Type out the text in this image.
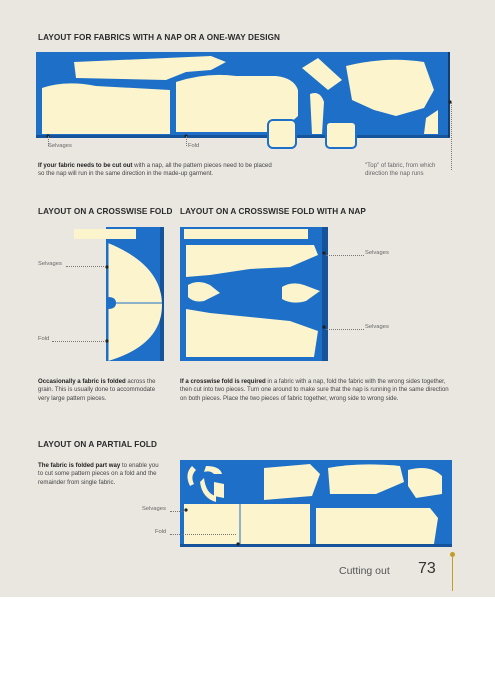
LAYOUT FOR FABRICS WITH A NAP OR A ONE-WAY DESIGN
Selvages	Fold
If your fabric needs to be cut out with a nap, all the pattern pieces need to be placed so the nap will run in the same direction in the made-up garment.
"Top" of fabric, from which direction the nap runs
LAYOUT ON A CROSSWISE FOLD
Selvages
Fold
Occasionally a fabric is folded across the grain. This is usually done to accommodate very large pattern pieces.
LAYOUT ON A CROSSWISE FOLD WITH A NAP
Selvages
Selvages
If a crosswise fold is required in a fabric with a nap, fold the fabric with the wrong sides together, then cut into two pieces. Turn one around to make sure that the nap is running in the same direction on both pieces. Place the two pieces of fabric together, wrong side to wrong side.
LAYOUT ON A PARTIAL FOLD
The fabric is folded part way to enable you to cut some pattern pieces on a fold and the remainder from single fabric.
Selvages
Fold
Cutting out 73
